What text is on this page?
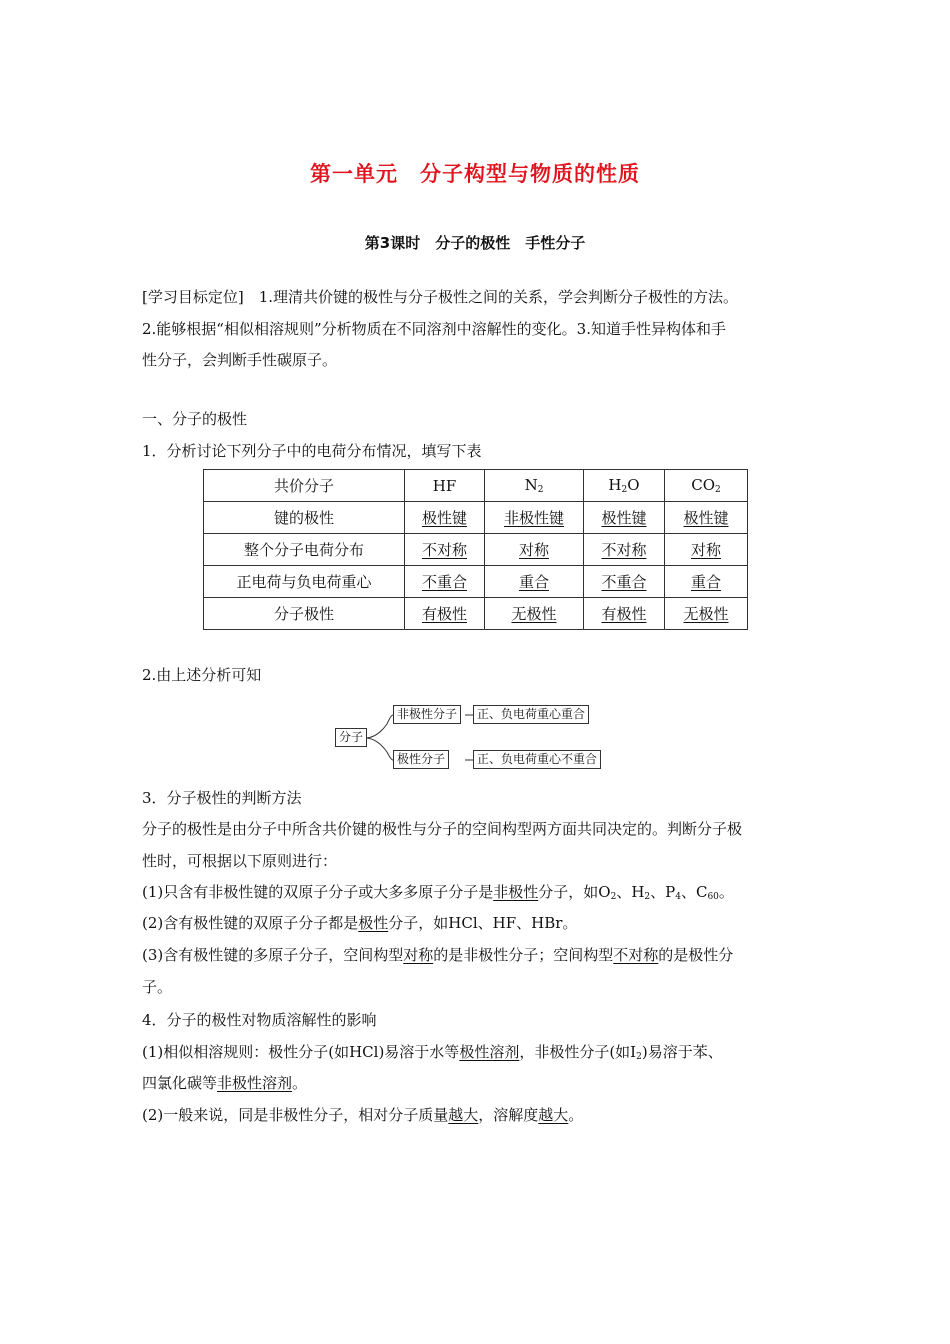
第一单元　分子构型与物质的性质
第3课时　分子的极性　手性分子
[学习目标定位]　1.理清共价键的极性与分子极性之间的关系，学会判断分子极性的方法。
2.能够根据“相似相溶规则”分析物质在不同溶剂中溶解性的变化。3.知道手性异构体和手
性分子，会判断手性碳原子。
一、分子的极性
1．分析讨论下列分子中的电荷分布情况，填写下表
共价分子	HF	$N_2$	$H_2O$	$CO_2$
键的极性	极性键	非极性键	极性键	极性键
整个分子电荷分布	不对称	对称	不对称	对称
正电荷与负电荷重心	不重合	重合	不重合	重合
分子极性	有极性	无极性	有极性	无极性
2.由上述分析可知
分子
非极性分子	正、负电荷重心重合
极性分子	正、负电荷重心不重合
3．分子极性的判断方法
分子的极性是由分子中所含共价键的极性与分子的空间构型两方面共同决定的。判断分子极
性时，可根据以下原则进行：
(1)只含有非极性键的双原子分子或大多多原子分子是非极性分子，如$O_2$、$H_2$、$P_4$、$C_{60}$。
(2)含有极性键的双原子分子都是极性分子，如HCl、HF、HBr。
(3)含有极性键的多原子分子，空间构型对称的是非极性分子；空间构型不对称的是极性分
子。
4．分子的极性对物质溶解性的影响
(1)相似相溶规则：极性分子(如HCl)易溶于水等极性溶剂，非极性分子(如$I_2$)易溶于苯、
四氯化碳等非极性溶剂。
(2)一般来说，同是非极性分子，相对分子质量越大，溶解度越大。
